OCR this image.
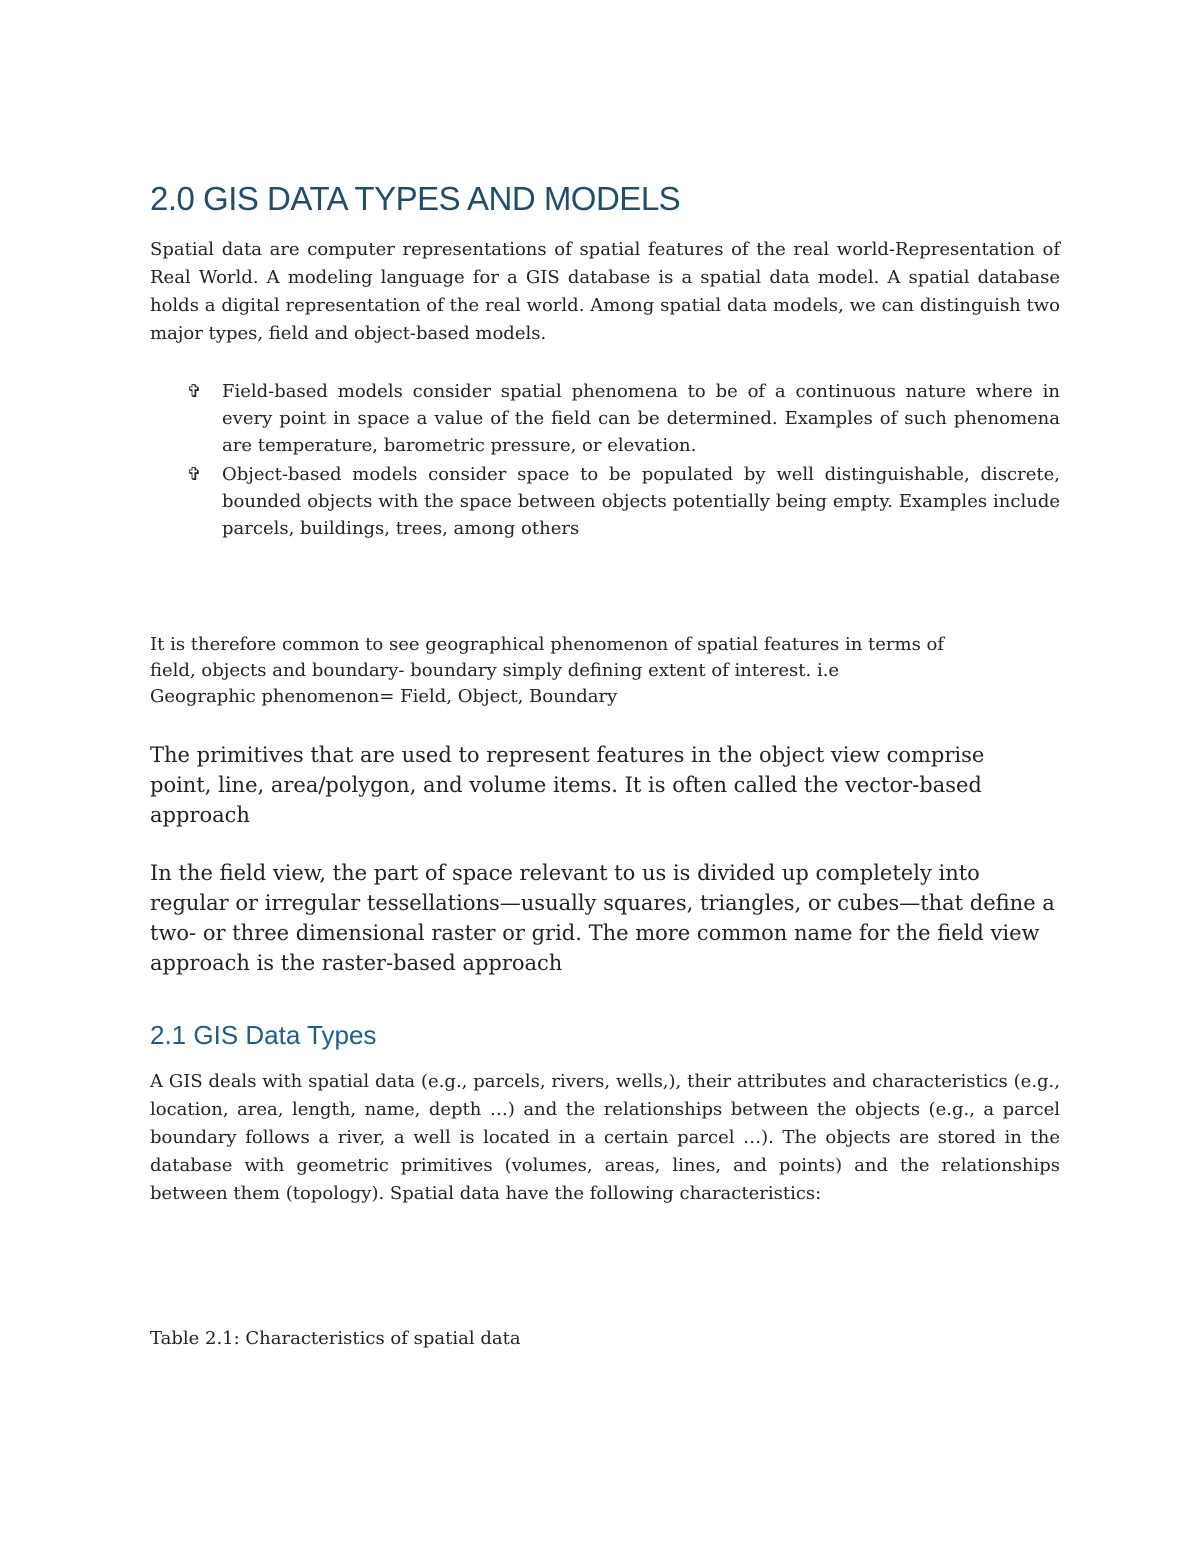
2.0 GIS DATA TYPES AND MODELS

Spatial data are computer representations of spatial features of the real world-Representation of Real World. A modeling language for a GIS database is a spatial data model. A spatial database holds a digital representation of the real world. Among spatial data models, we can distinguish two major types, field and object-based models.

✞ Field-based models consider spatial phenomena to be of a continuous nature where in every point in space a value of the field can be determined. Examples of such phenomena are temperature, barometric pressure, or elevation.
✞ Object-based models consider space to be populated by well distinguishable, discrete, bounded objects with the space between objects potentially being empty. Examples include parcels, buildings, trees, among others

It is therefore common to see geographical phenomenon of spatial features in terms of
field, objects and boundary- boundary simply defining extent of interest. i.e
Geographic phenomenon= Field, Object, Boundary

The primitives that are used to represent features in the object view comprise point, line, area/polygon, and volume items. It is often called the vector-based approach

In the field view, the part of space relevant to us is divided up completely into regular or irregular tessellations—usually squares, triangles, or cubes—that define a two- or three dimensional raster or grid. The more common name for the field view approach is the raster-based approach

2.1 GIS Data Types

A GIS deals with spatial data (e.g., parcels, rivers, wells,), their attributes and characteristics (e.g., location, area, length, name, depth …) and the relationships between the objects (e.g., a parcel boundary follows a river, a well is located in a certain parcel …). The objects are stored in the database with geometric primitives (volumes, areas, lines, and points) and the relationships between them (topology). Spatial data have the following characteristics:

Table 2.1: Characteristics of spatial data
